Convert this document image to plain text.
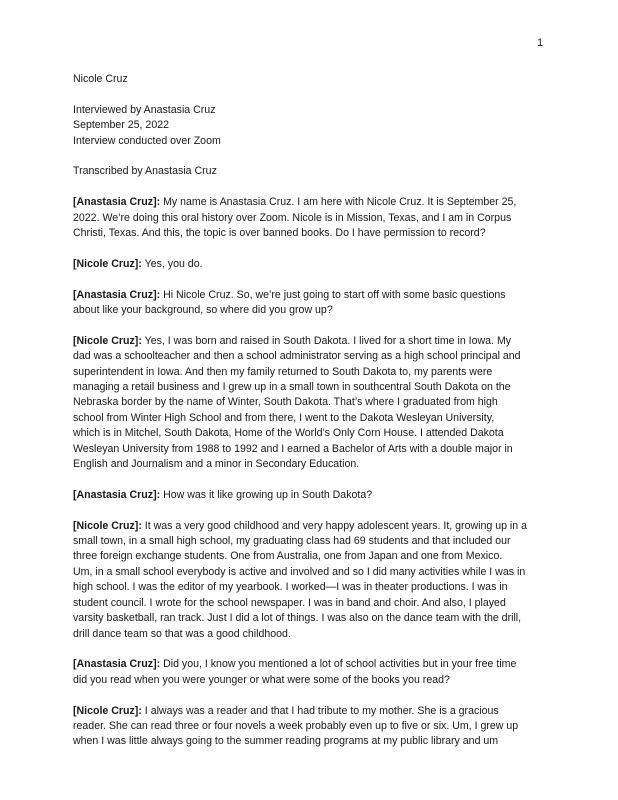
1
Nicole Cruz
Interviewed by Anastasia Cruz
September 25, 2022
Interview conducted over Zoom
Transcribed by Anastasia Cruz
[Anastasia Cruz]: My name is Anastasia Cruz. I am here with Nicole Cruz. It is September 25,
2022. We’re doing this oral history over Zoom. Nicole is in Mission, Texas, and I am in Corpus
Christi, Texas. And this, the topic is over banned books. Do I have permission to record?
[Nicole Cruz]: Yes, you do.
[Anastasia Cruz]: Hi Nicole Cruz. So, we’re just going to start off with some basic questions
about like your background, so where did you grow up?
[Nicole Cruz]: Yes, I was born and raised in South Dakota. I lived for a short time in Iowa. My
dad was a schoolteacher and then a school administrator serving as a high school principal and
superintendent in Iowa. And then my family returned to South Dakota to, my parents were
managing a retail business and I grew up in a small town in southcentral South Dakota on the
Nebraska border by the name of Winter, South Dakota. That’s where I graduated from high
school from Winter High School and from there, I went to the Dakota Wesleyan University,
which is in Mitchel, South Dakota, Home of the World’s Only Corn House. I attended Dakota
Wesleyan University from 1988 to 1992 and I earned a Bachelor of Arts with a double major in
English and Journalism and a minor in Secondary Education.
[Anastasia Cruz]: How was it like growing up in South Dakota?
[Nicole Cruz]: It was a very good childhood and very happy adolescent years. It, growing up in a
small town, in a small high school, my graduating class had 69 students and that included our
three foreign exchange students. One from Australia, one from Japan and one from Mexico.
Um, in a small school everybody is active and involved and so I did many activities while I was in
high school. I was the editor of my yearbook. I worked—I was in theater productions. I was in
student council. I wrote for the school newspaper. I was in band and choir. And also, I played
varsity basketball, ran track. Just I did a lot of things. I was also on the dance team with the drill,
drill dance team so that was a good childhood.
[Anastasia Cruz]: Did you, I know you mentioned a lot of school activities but in your free time
did you read when you were younger or what were some of the books you read?
[Nicole Cruz]: I always was a reader and that I had tribute to my mother. She is a gracious
reader. She can read three or four novels a week probably even up to five or six. Um, I grew up
when I was little always going to the summer reading programs at my public library and um
